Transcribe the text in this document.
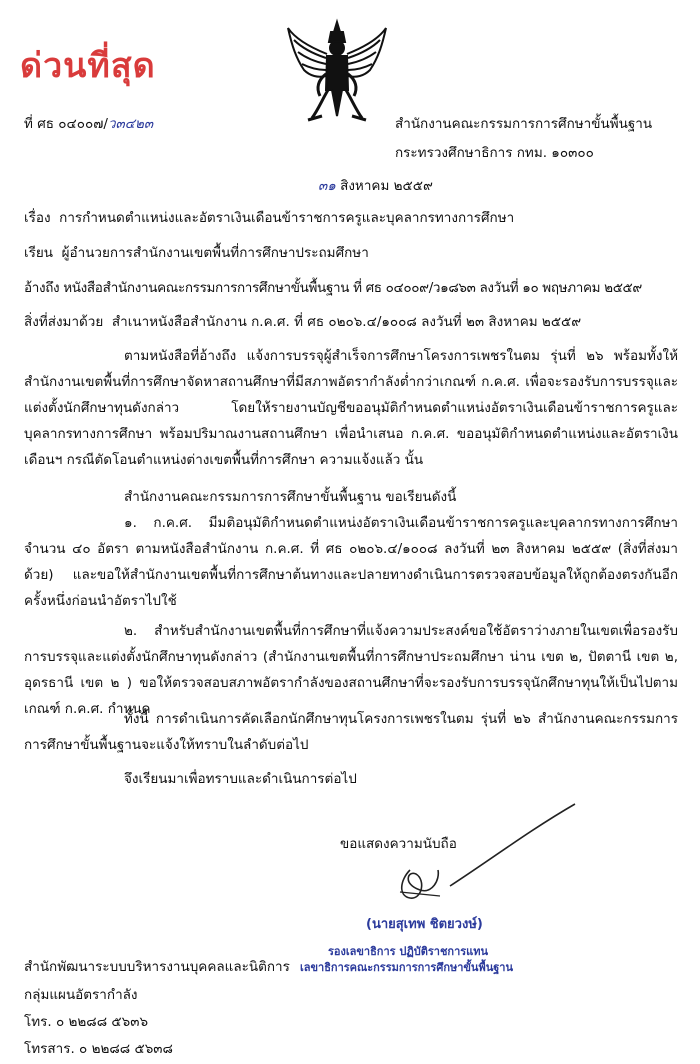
ด่วนที่สุด
ที่ ศธ ๐๔๐๐๗/ว๓๔๒๓	สำนักงานคณะกรรมการการศึกษาขั้นพื้นฐาน
กระทรวงศึกษาธิการ กทม. ๑๐๓๐๐
๓๑ สิงหาคม ๒๕๕๙
เรื่อง การกำหนดตำแหน่งและอัตราเงินเดือนข้าราชการครูและบุคลากรทางการศึกษา
เรียน ผู้อำนวยการสำนักงานเขตพื้นที่การศึกษาประถมศึกษา
อ้างถึง หนังสือสำนักงานคณะกรรมการการศึกษาขั้นพื้นฐาน ที่ ศธ ๐๔๐๐๙/ว๑๘๖๓ ลงวันที่ ๑๐ พฤษภาคม ๒๕๕๙
สิ่งที่ส่งมาด้วย สำเนาหนังสือสำนักงาน ก.ค.ศ. ที่ ศธ ๐๒๐๖.๔/๑๐๐๘ ลงวันที่ ๒๓ สิงหาคม ๒๕๕๙
ตามหนังสือที่อ้างถึง แจ้งการบรรจุผู้สำเร็จการศึกษาโครงการเพชรในตม รุ่นที่ ๒๖ พร้อมทั้งให้สำนักงานเขตพื้นที่การศึกษาจัดหาสถานศึกษาที่มีสภาพอัตรากำลังต่ำกว่าเกณฑ์ ก.ค.ศ. เพื่อจะรองรับการบรรจุและแต่งตั้งนักศึกษาทุนดังกล่าว โดยให้รายงานบัญชีขออนุมัติกำหนดตำแหน่งอัตราเงินเดือนข้าราชการครูและบุคลากรทางการศึกษา พร้อมปริมาณงานสถานศึกษา เพื่อนำเสนอ ก.ค.ศ. ขออนุมัติกำหนดตำแหน่งและอัตราเงินเดือนฯ กรณีตัดโอนตำแหน่งต่างเขตพื้นที่การศึกษา ความแจ้งแล้ว นั้น
สำนักงานคณะกรรมการการศึกษาขั้นพื้นฐาน ขอเรียนดังนี้
๑. ก.ค.ศ. มีมติอนุมัติกำหนดตำแหน่งอัตราเงินเดือนข้าราชการครูและบุคลากรทางการศึกษา จำนวน ๔๐ อัตรา ตามหนังสือสำนักงาน ก.ค.ศ. ที่ ศธ ๐๒๐๖.๔/๑๐๐๘ ลงวันที่ ๒๓ สิงหาคม ๒๕๕๙ (สิ่งที่ส่งมาด้วย) และขอให้สำนักงานเขตพื้นที่การศึกษาต้นทางและปลายทางดำเนินการตรวจสอบข้อมูลให้ถูกต้องตรงกันอีกครั้งหนึ่งก่อนนำอัตราไปใช้
๒. สำหรับสำนักงานเขตพื้นที่การศึกษาที่แจ้งความประสงค์ขอใช้อัตราว่างภายในเขตเพื่อรองรับการบรรจุและแต่งตั้งนักศึกษาทุนดังกล่าว (สำนักงานเขตพื้นที่การศึกษาประถมศึกษา น่าน เขต ๒, ปัตตานี เขต ๒, อุดรธานี เขต ๒ ) ขอให้ตรวจสอบสภาพอัตรากำลังของสถานศึกษาที่จะรองรับการบรรจุนักศึกษาทุนให้เป็นไปตามเกณฑ์ ก.ค.ศ. กำหนด
ทั้งนี้ การดำเนินการคัดเลือกนักศึกษาทุนโครงการเพชรในตม รุ่นที่ ๒๖ สำนักงานคณะกรรมการการศึกษาขั้นพื้นฐานจะแจ้งให้ทราบในลำดับต่อไป
จึงเรียนมาเพื่อทราบและดำเนินการต่อไป
ขอแสดงความนับถือ
(นายสุเทพ ชิตยวงษ์)
รองเลขาธิการ ปฏิบัติราชการแทน
เลขาธิการคณะกรรมการการศึกษาขั้นพื้นฐาน
สำนักพัฒนาระบบบริหารงานบุคคลและนิติการ
กลุ่มแผนอัตรากำลัง
โทร. ๐ ๒๒๘๘ ๕๖๓๖
โทรสาร. ๐ ๒๒๘๘ ๕๖๓๘
